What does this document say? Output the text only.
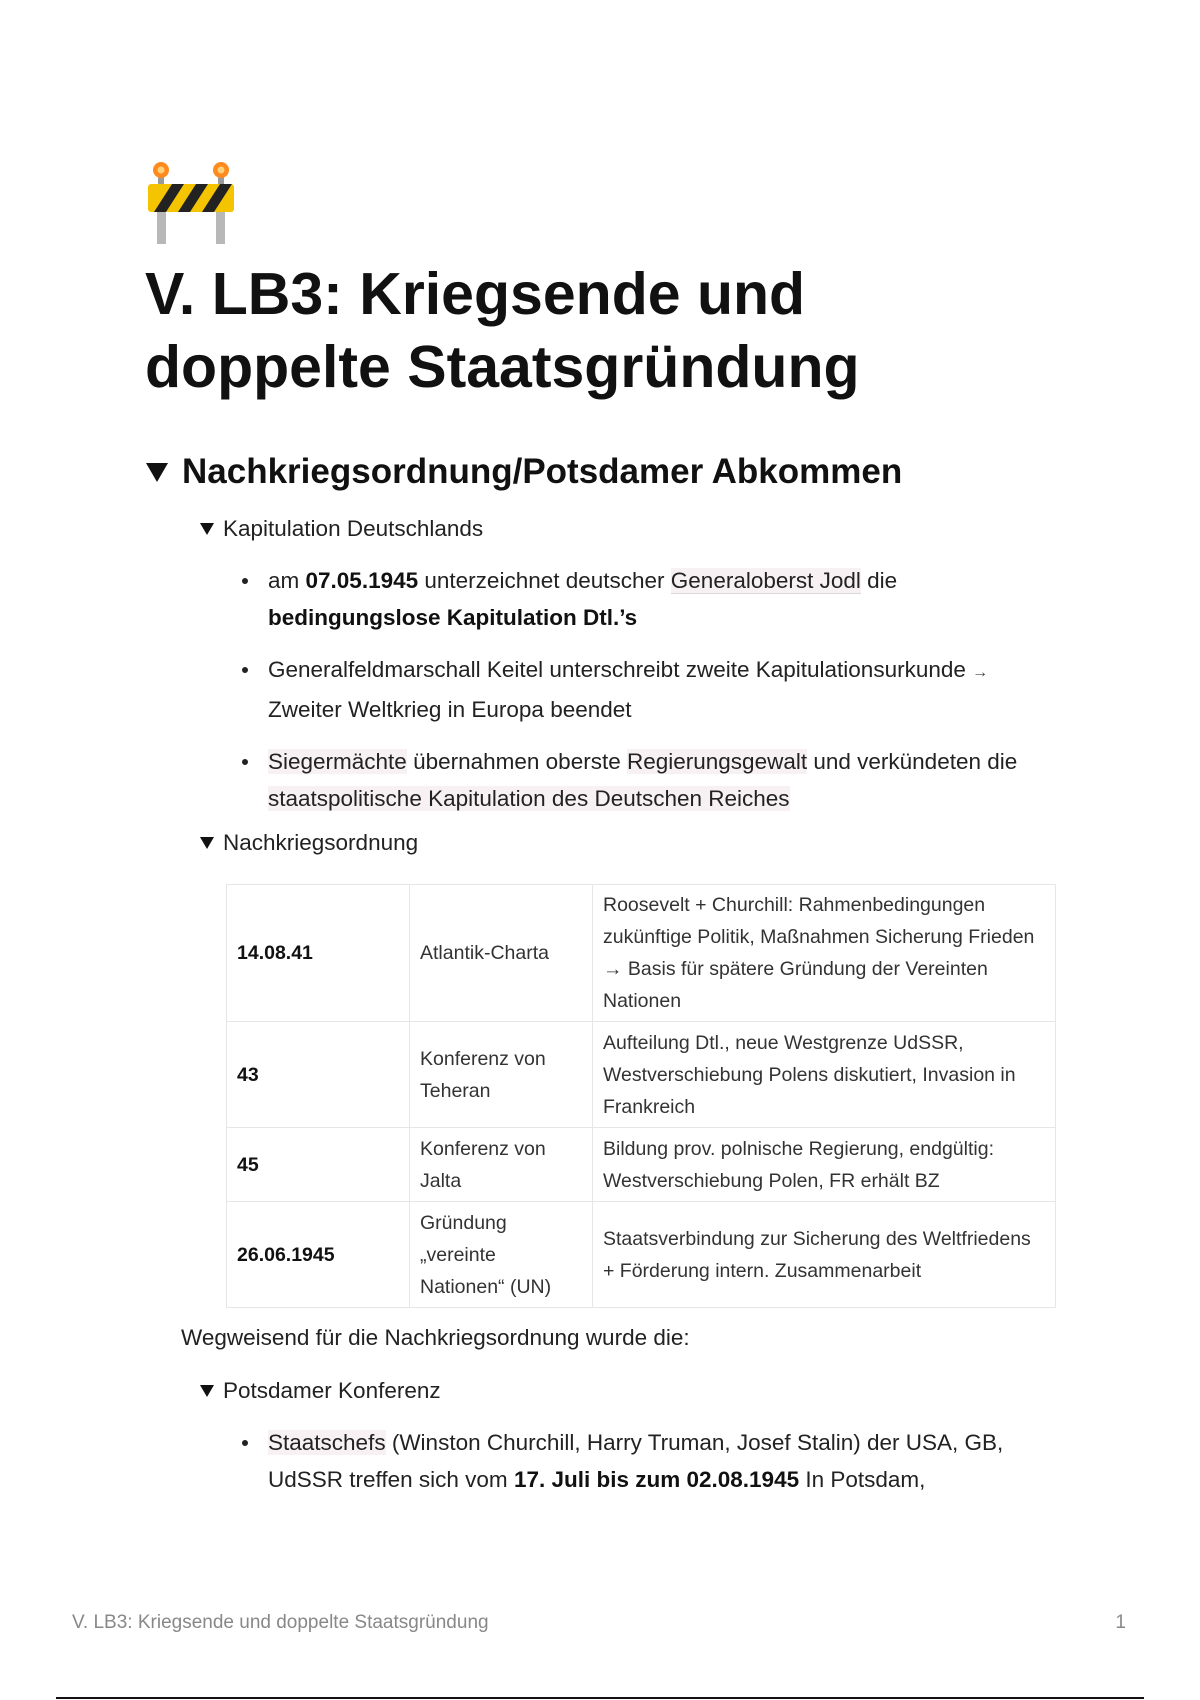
V. LB3: Kriegsende und doppelte Staatsgründung
Nachkriegsordnung/Potsdamer Abkommen
Kapitulation Deutschlands
am 07.05.1945 unterzeichnet deutscher Generaloberst Jodl die bedingungslose Kapitulation Dtl.’s
Generalfeldmarschall Keitel unterschreibt zweite Kapitulationsurkunde → Zweiter Weltkrieg in Europa beendet
Siegermächte übernahmen oberste Regierungsgewalt und verkündeten die staatspolitische Kapitulation des Deutschen Reiches
Nachkriegsordnung
14.08.41	Atlantik-Charta	Roosevelt + Churchill: Rahmenbedingungen zukünftige Politik, Maßnahmen Sicherung Frieden → Basis für spätere Gründung der Vereinten Nationen
43	Konferenz von Teheran	Aufteilung Dtl., neue Westgrenze UdSSR, Westverschiebung Polens diskutiert, Invasion in Frankreich
45	Konferenz von Jalta	Bildung prov. polnische Regierung, endgültig: Westverschiebung Polen, FR erhält BZ
26.06.1945	Gründung „vereinte Nationen“ (UN)	Staatsverbindung zur Sicherung des Weltfriedens + Förderung intern. Zusammenarbeit
Wegweisend für die Nachkriegsordnung wurde die:
Potsdamer Konferenz
Staatschefs (Winston Churchill, Harry Truman, Josef Stalin) der USA, GB, UdSSR treffen sich vom 17. Juli bis zum 02.08.1945 In Potsdam,
V. LB3: Kriegsende und doppelte Staatsgründung	1
